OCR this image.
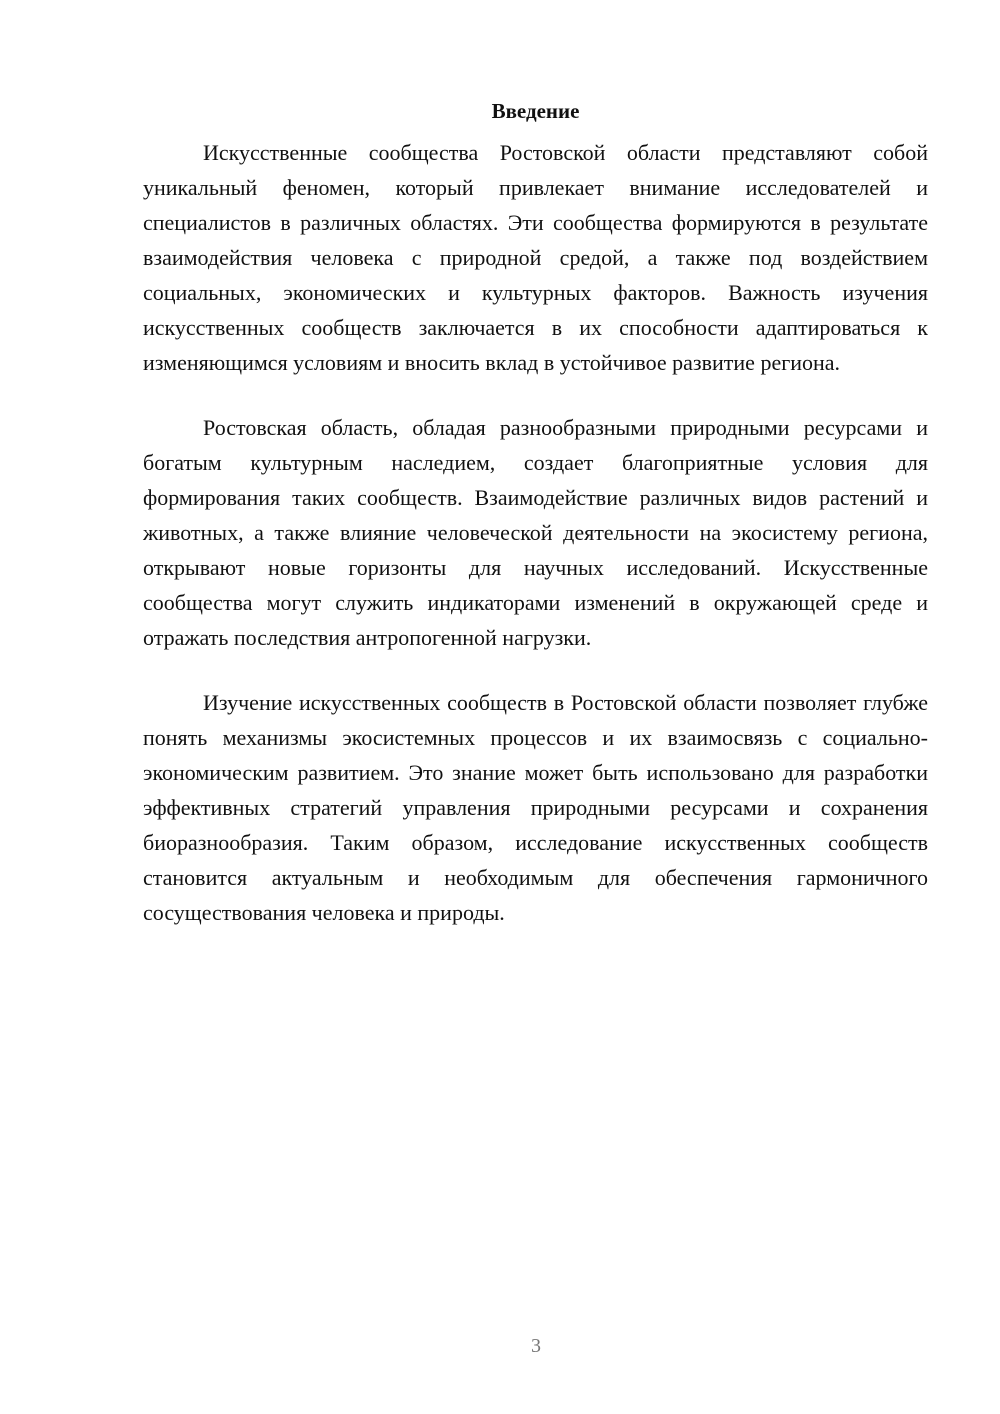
Введение

Искусственные сообщества Ростовской области представляют собой уникальный феномен, который привлекает внимание исследователей и специалистов в различных областях. Эти сообщества формируются в результате взаимодействия человека с природной средой, а также под воздействием социальных, экономических и культурных факторов. Важность изучения искусственных сообществ заключается в их способности адаптироваться к изменяющимся условиям и вносить вклад в устойчивое развитие региона.

Ростовская область, обладая разнообразными природными ресурсами и богатым культурным наследием, создает благоприятные условия для формирования таких сообществ. Взаимодействие различных видов растений и животных, а также влияние человеческой деятельности на экосистему региона, открывают новые горизонты для научных исследований. Искусственные сообщества могут служить индикаторами изменений в окружающей среде и отражать последствия антропогенной нагрузки.

Изучение искусственных сообществ в Ростовской области позволяет глубже понять механизмы экосистемных процессов и их взаимосвязь с социально-экономическим развитием. Это знание может быть использовано для разработки эффективных стратегий управления природными ресурсами и сохранения биоразнообразия. Таким образом, исследование искусственных сообществ становится актуальным и необходимым для обеспечения гармоничного сосуществования человека и природы.

3
